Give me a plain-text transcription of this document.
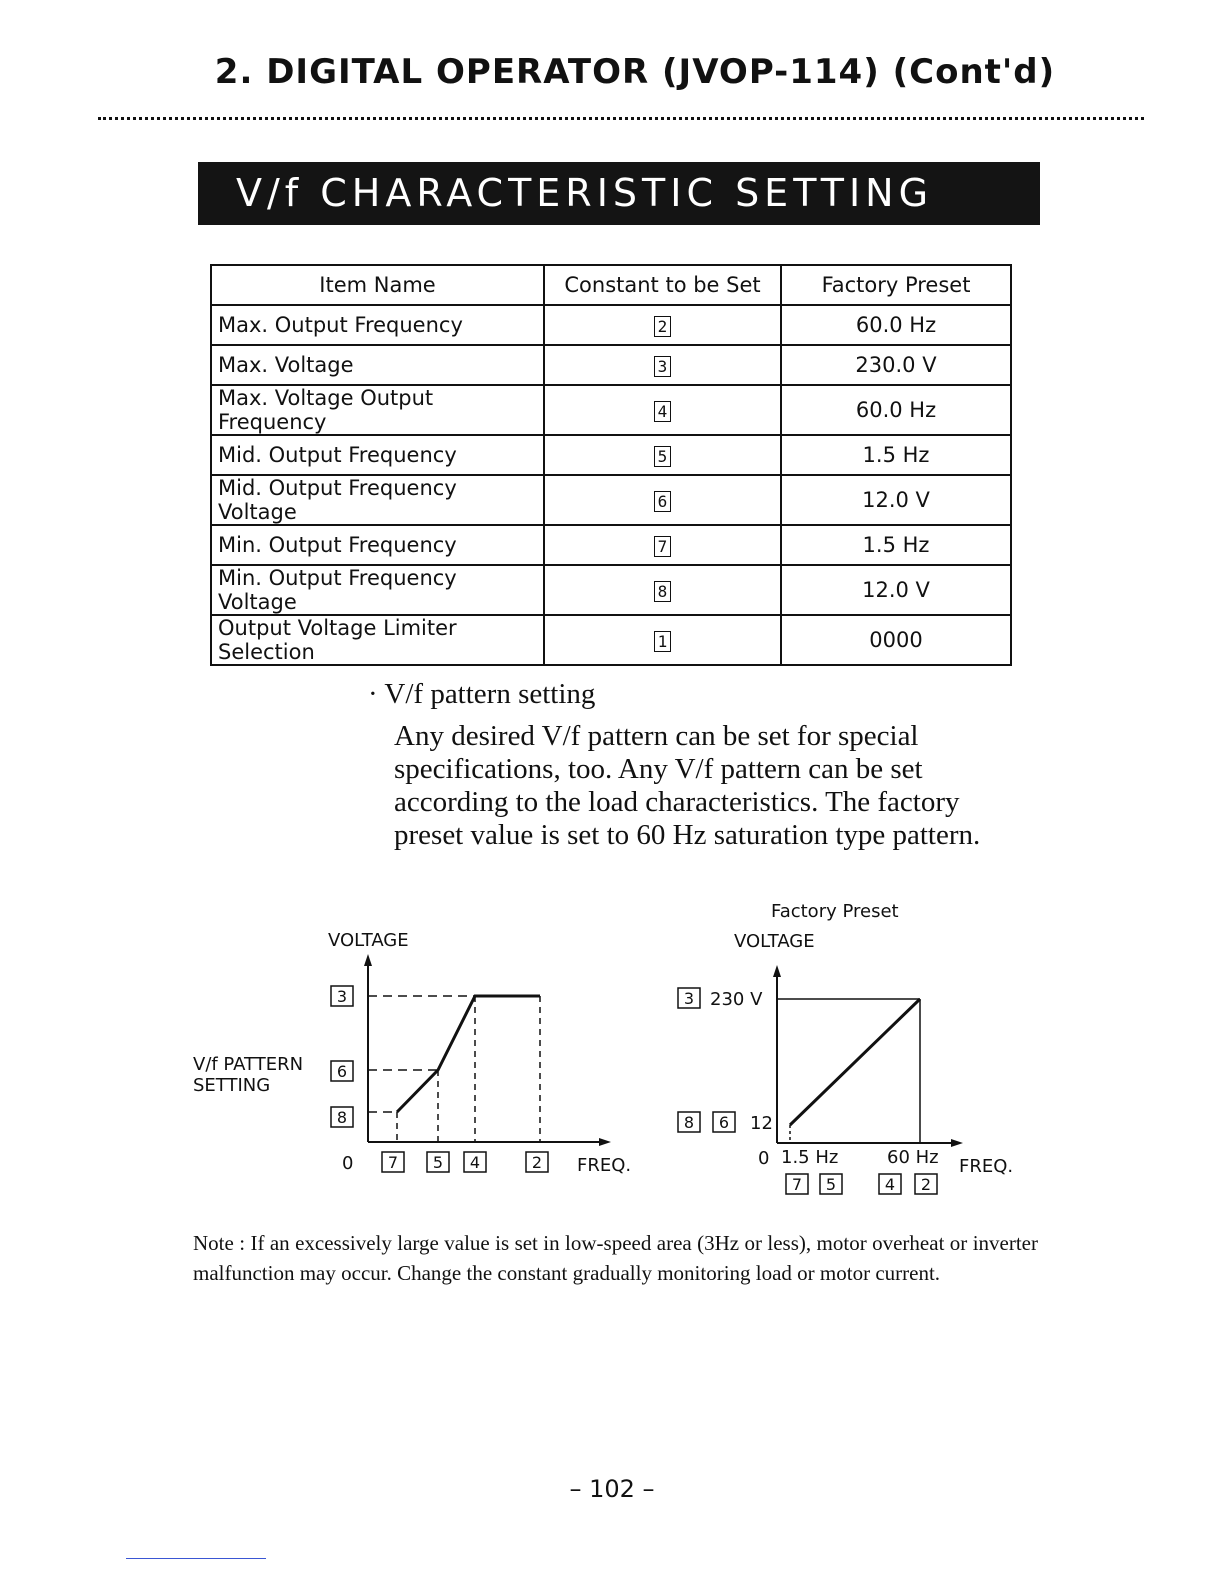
2. DIGITAL OPERATOR (JVOP-114) (Cont'd)
V/f CHARACTERISTIC SETTING
Item Name	Constant to be Set	Factory Preset
Max. Output Frequency	2	60.0 Hz
Max. Voltage	3	230.0 V
Max. Voltage Output Frequency	4	60.0 Hz
Mid. Output Frequency	5	1.5 Hz
Mid. Output Frequency Voltage	6	12.0 V
Min. Output Frequency	7	1.5 Hz
Min. Output Frequency Voltage	8	12.0 V
Output Voltage Limiter Selection	1	0000
· V/f pattern setting
Any desired V/f pattern can be set for special specifications, too. Any V/f pattern can be set according to the load characteristics. The factory preset value is set to 60 Hz saturation type pattern.
VOLTAGE
V/f PATTERN
SETTING
3
6
8
0 7 5 4	2 FREQ.
Factory Preset
VOLTAGE
3 230 V
8 6 12
0 1.5 Hz	60 Hz FREQ.
7 5	4 2
Note : If an excessively large value is set in low-speed area (3Hz or less), motor overheat or inverter malfunction may occur. Change the constant gradually monitoring load or motor current.
– 102 –
